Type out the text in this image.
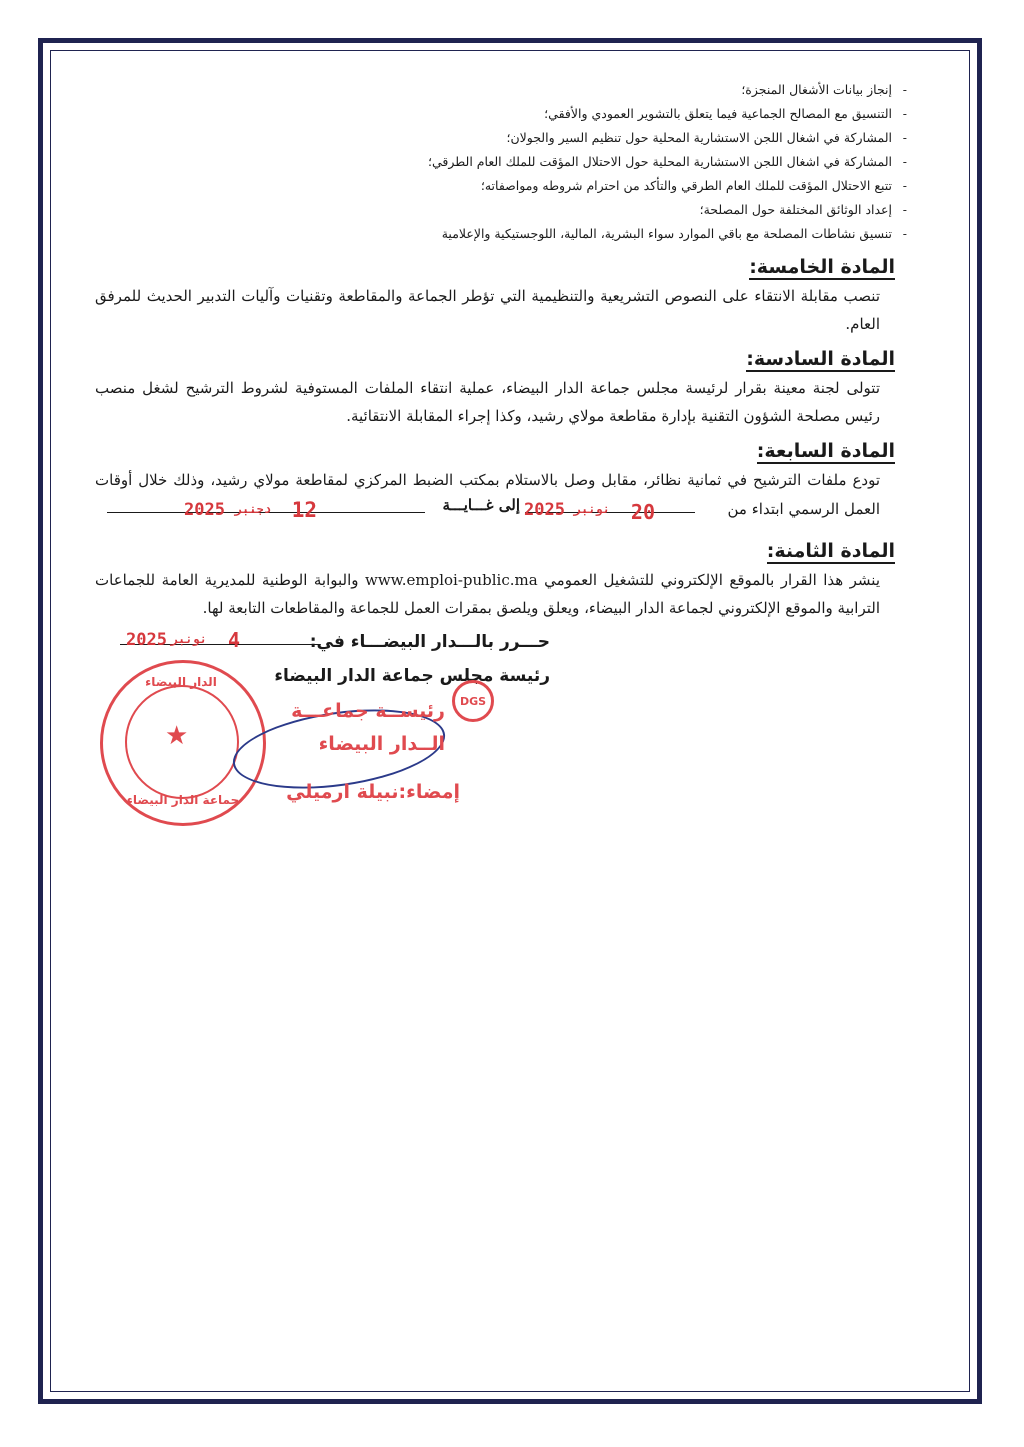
- إنجاز بيانات الأشغال المنجزة؛
- التنسيق مع المصالح الجماعية فيما يتعلق بالتشوير العمودي والأفقي؛
- المشاركة في اشغال اللجن الاستشارية المحلية حول تنظيم السير والجولان؛
- المشاركة في اشغال اللجن الاستشارية المحلية حول الاحتلال المؤقت للملك العام الطرقي؛
- تتبع الاحتلال المؤقت للملك العام الطرقي والتأكد من احترام شروطه ومواصفاته؛
- إعداد الوثائق المختلفة حول المصلحة؛
- تنسيق نشاطات المصلحة مع باقي الموارد سواء البشرية، المالية، اللوجستيكية والإعلامية
المادة الخامسة:

تنصب مقابلة الانتقاء على النصوص التشريعية والتنظيمية التي تؤطر الجماعة والمقاطعة وتقنيات وآليات التدبير الحديث للمرفق العام.

المادة السادسة:

تتولى لجنة معينة بقرار لرئيسة مجلس جماعة الدار البيضاء، عملية انتقاء الملفات المستوفية لشروط الترشيح لشغل منصب رئيس مصلحة الشؤون التقنية بإدارة مقاطعة مولاي رشيد، وكذا إجراء المقابلة الانتقائية.

المادة السابعة:

تودع ملفات الترشيح في ثمانية نظائر، مقابل وصل بالاستلام بمكتب الضبط المركزي لمقاطعة مولاي رشيد، وذلك خلال أوقات

العمل الرسمي ابتداء من
20
نونبر
2025
إلى غـــايـــة
12
دجنبر
2025
المادة الثامنة:

ينشر هذا القرار بالموقع الإلكتروني للتشغيل العمومي www.emploi-public.ma والبوابة الوطنية للمديرية العامة للجماعات الترابية والموقع الإلكتروني لجماعة الدار البيضاء، ويعلق ويلصق بمقرات العمل للجماعة والمقاطعات التابعة لها.

حـــرر بالـــدار البيضـــاء في:
4
نونبر
2025
رئيسة مجلس جماعة الدار البيضاء
★
الدار البيضاء
جماعة الدار البيضاء
DGS
رئيســة جماعـــة
الــدار البيضاء
إمضاء:نبيلة ارميلي
